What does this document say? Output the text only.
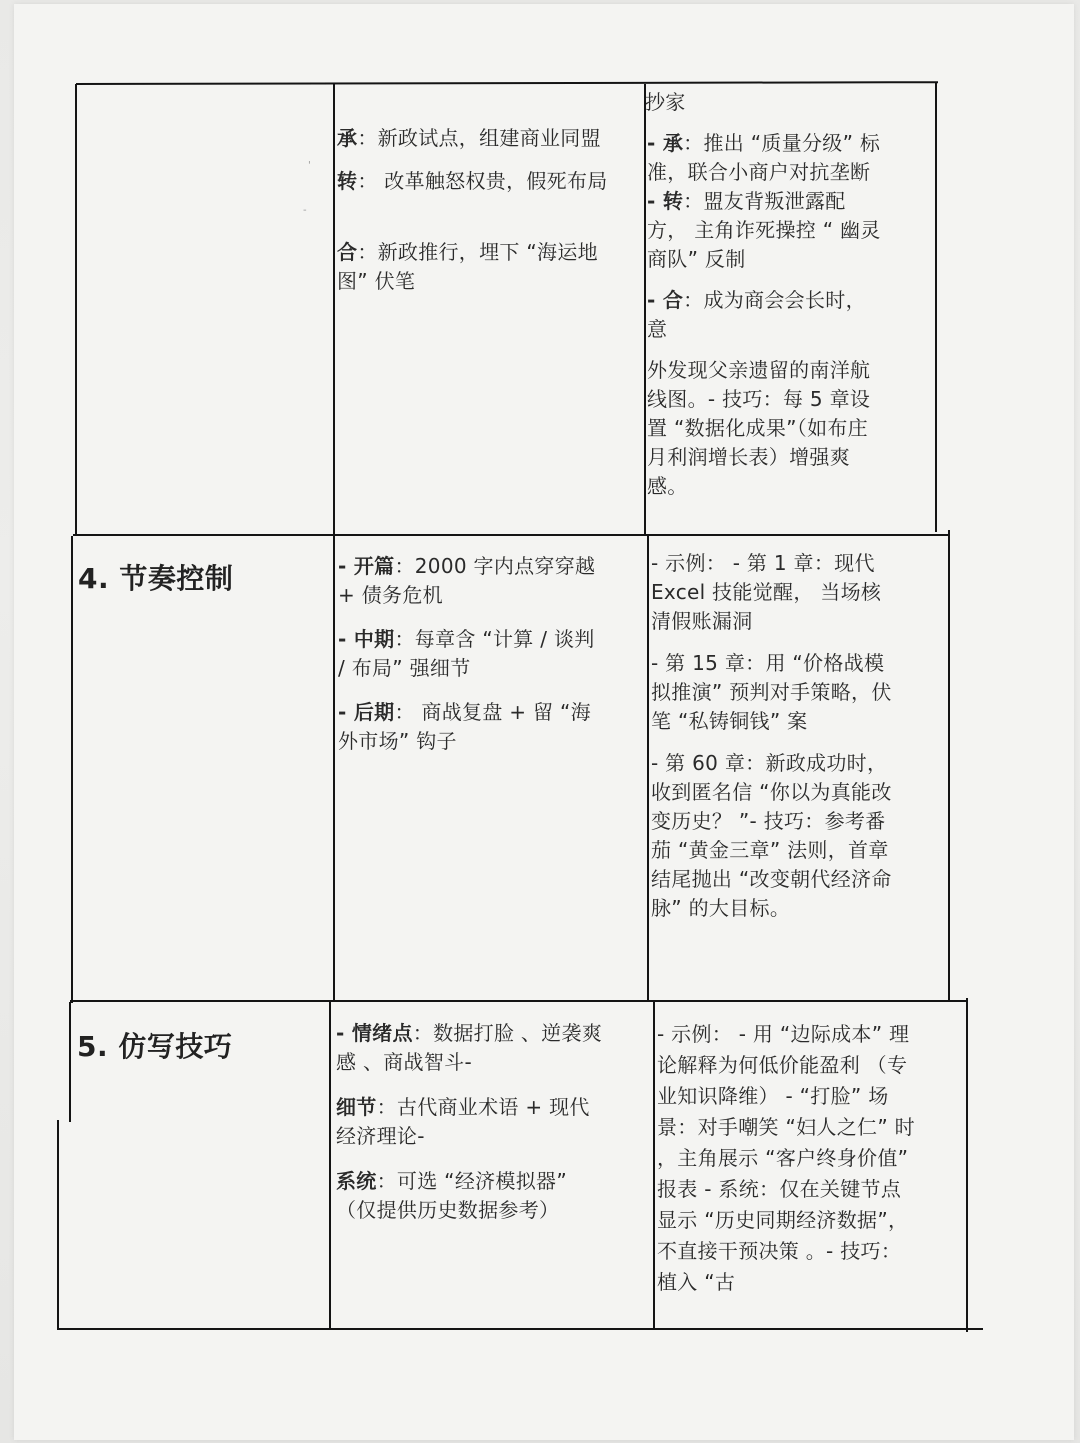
-
'

承：新政试点，组建商业同盟

转： 改革触怒权贵，假死布局

合：新政推行，埋下 “海运地图” 伏笔

抄家

- 承：推出 “质量分级” 标准，联合小商户对抗垄断

- 转：盟友背叛泄露配方， 主角诈死操控 “ 幽灵商队” 反制

- 合：成为商会会长时，意

外发现父亲遗留的南洋航线图。- 技巧：每 5 章设置 “数据化成果”（如布庄月利润增长表）增强爽感。

4. 节奏控制	- 开篇：2000 字内点穿穿越 + 债务危机

- 中期：每章含 “计算 / 谈判 / 布局” 强细节

- 后期： 商战复盘 + 留 “海外市场” 钩子

- 示例： - 第 1 章：现代 Excel 技能觉醒， 当场核清假账漏洞

- 第 15 章：用 “价格战模拟推演” 预判对手策略，伏笔 “私铸铜钱” 案

- 第 60 章：新政成功时，收到匿名信 “你以为真能改变历史？ ”- 技巧：参考番茄 “黄金三章” 法则，首章结尾抛出 “改变朝代经济命脉” 的大目标。

5. 仿写技巧	- 情绪点：数据打脸 、逆袭爽感 、商战智斗-

细节：古代商业术语 + 现代经济理论-

系统：可选 “经济模拟器” （仅提供历史数据参考）

- 示例： - 用 “边际成本” 理论解释为何低价能盈利 （专业知识降维） - “打脸” 场景：对手嘲笑 “妇人之仁” 时 ，主角展示 “客户终身价值” 报表 - 系统：仅在关键节点显示 “历史同期经济数据”，不直接干预决策 。- 技巧：植入 “古
